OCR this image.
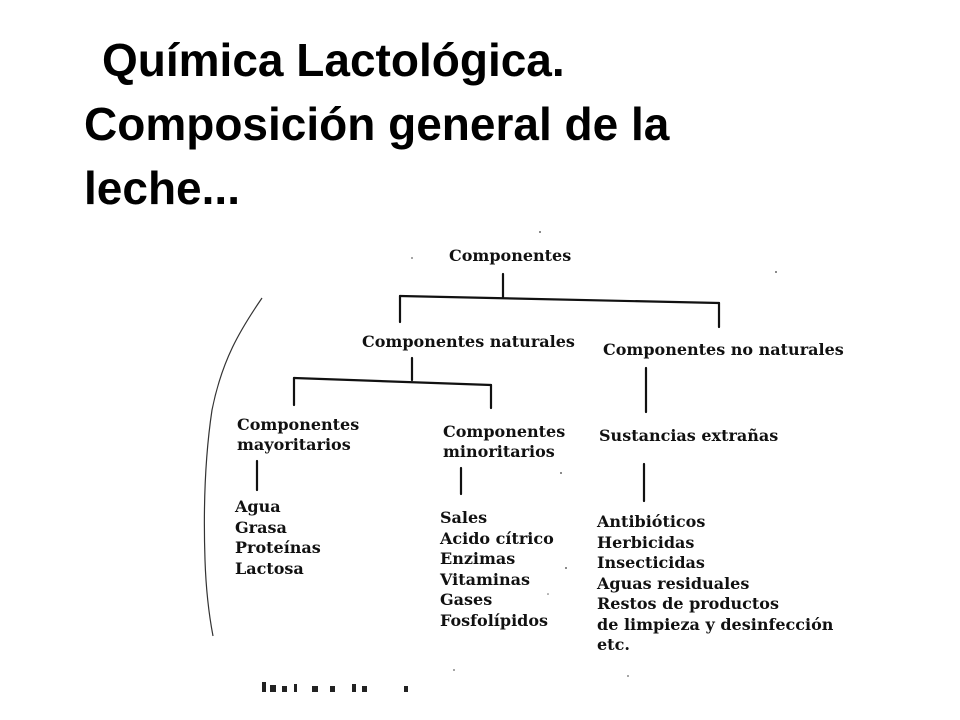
Química Lactológica.
Composición general de la
leche...
Componentes
Componentes naturales Componentes no naturales
Componentes
mayoritarios
Componentes
minoritarios
Sustancias extrañas
Agua
Grasa
Proteínas
Lactosa
Sales
Acido cítrico
Enzimas
Vitaminas
Gases
Fosfolípidos
Antibióticos
Herbicidas
Insecticidas
Aguas residuales
Restos de productos
de limpieza y desinfección
etc.
